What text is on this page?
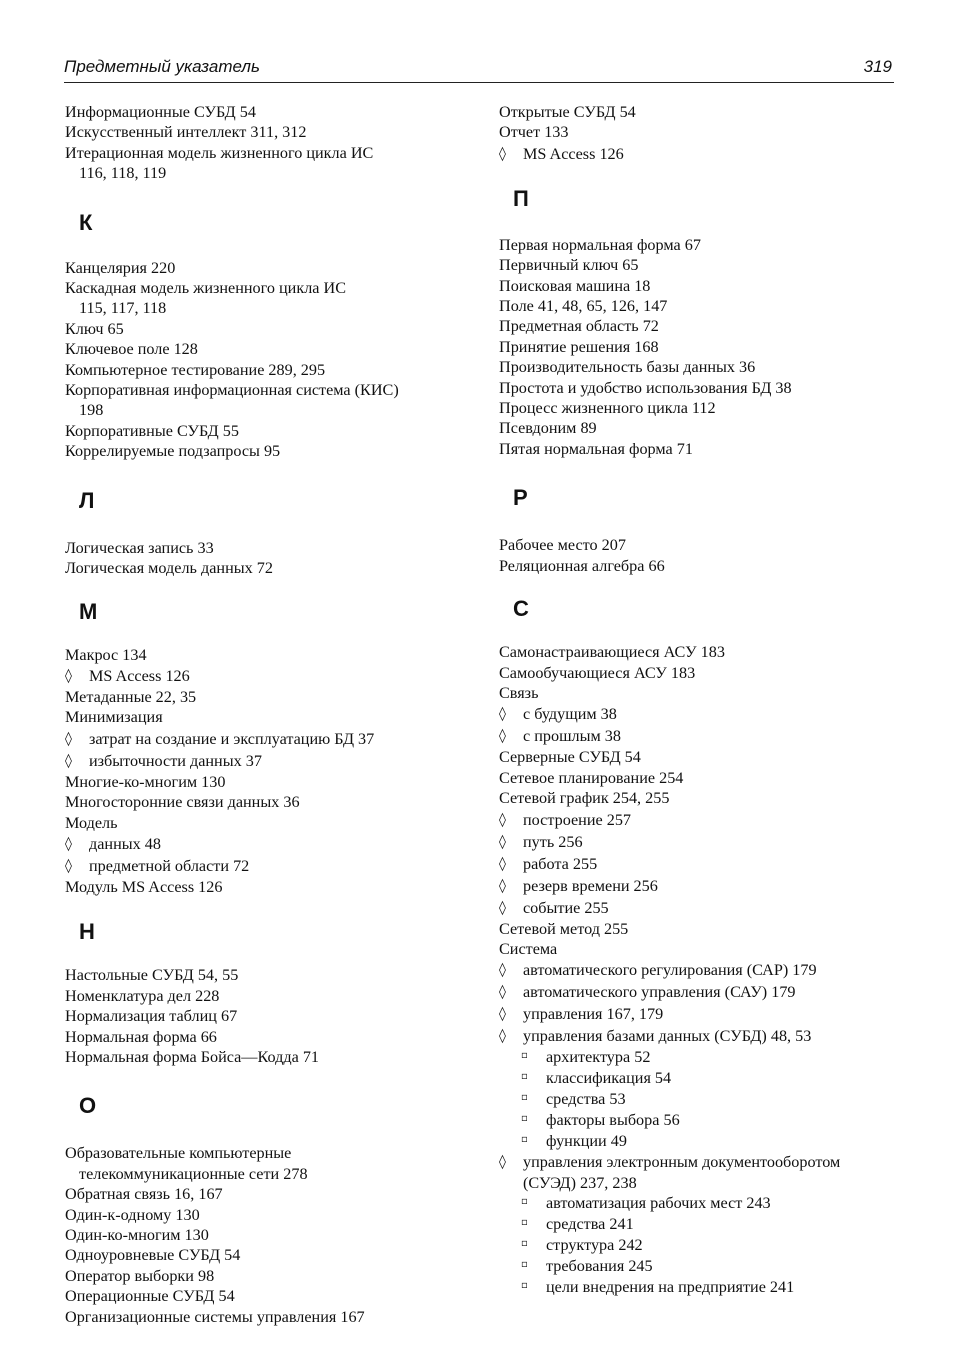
Предметный указатель	319
Информационные СУБД 54
Искусственный интеллект 311, 312
Итерационная модель жизненного цикла ИС
116, 118, 119
К
Канцелярия 220
Каскадная модель жизненного цикла ИС
115, 117, 118
Ключ 65
Ключевое поле 128
Компьютерное тестирование 289, 295
Корпоративная информационная система (КИС)
198
Корпоративные СУБД 55
Коррелируемые подзапросы 95
Л
Логическая запись 33
Логическая модель данных 72
М
Макрос 134
◊ MS Access 126
Метаданные 22, 35
Минимизация
◊ затрат на создание и эксплуатацию БД 37
◊ избыточности данных 37
Многие-ко-многим 130
Многосторонние связи данных 36
Модель
◊ данных 48
◊ предметной области 72
Модуль MS Access 126
Н
Настольные СУБД 54, 55
Номенклатура дел 228
Нормализация таблиц 67
Нормальная форма 66
Нормальная форма Бойса—Кодда 71
О
Образовательные компьютерные
телекоммуникационные сети 278
Обратная связь 16, 167
Один-к-одному 130
Один-ко-многим 130
Одноуровневые СУБД 54
Оператор выборки 98
Операционные СУБД 54
Организационные системы управления 167
Открытые СУБД 54
Отчет 133
◊ MS Access 126
П
Первая нормальная форма 67
Первичный ключ 65
Поисковая машина 18
Поле 41, 48, 65, 126, 147
Предметная область 72
Принятие решения 168
Производительность базы данных 36
Простота и удобство использования БД 38
Процесс жизненного цикла 112
Псевдоним 89
Пятая нормальная форма 71
Р
Рабочее место 207
Реляционная алгебра 66
С
Самонастраивающиеся АСУ 183
Самообучающиеся АСУ 183
Связь
◊ с будущим 38
◊ с прошлым 38
Серверные СУБД 54
Сетевое планирование 254
Сетевой график 254, 255
◊ построение 257
◊ путь 256
◊ работа 255
◊ резерв времени 256
◊ событие 255
Сетевой метод 255
Система
◊ автоматического регулирования (САР) 179
◊ автоматического управления (САУ) 179
◊ управления 167, 179
◊ управления базами данных (СУБД) 48, 53
▫ архитектура 52
▫ классификация 54
▫ средства 53
▫ факторы выбора 56
▫ функции 49
◊ управления электронным документооборотом
(СУЭД) 237, 238
▫ автоматизация рабочих мест 243
▫ средства 241
▫ структура 242
▫ требования 245
▫ цели внедрения на предприятие 241
